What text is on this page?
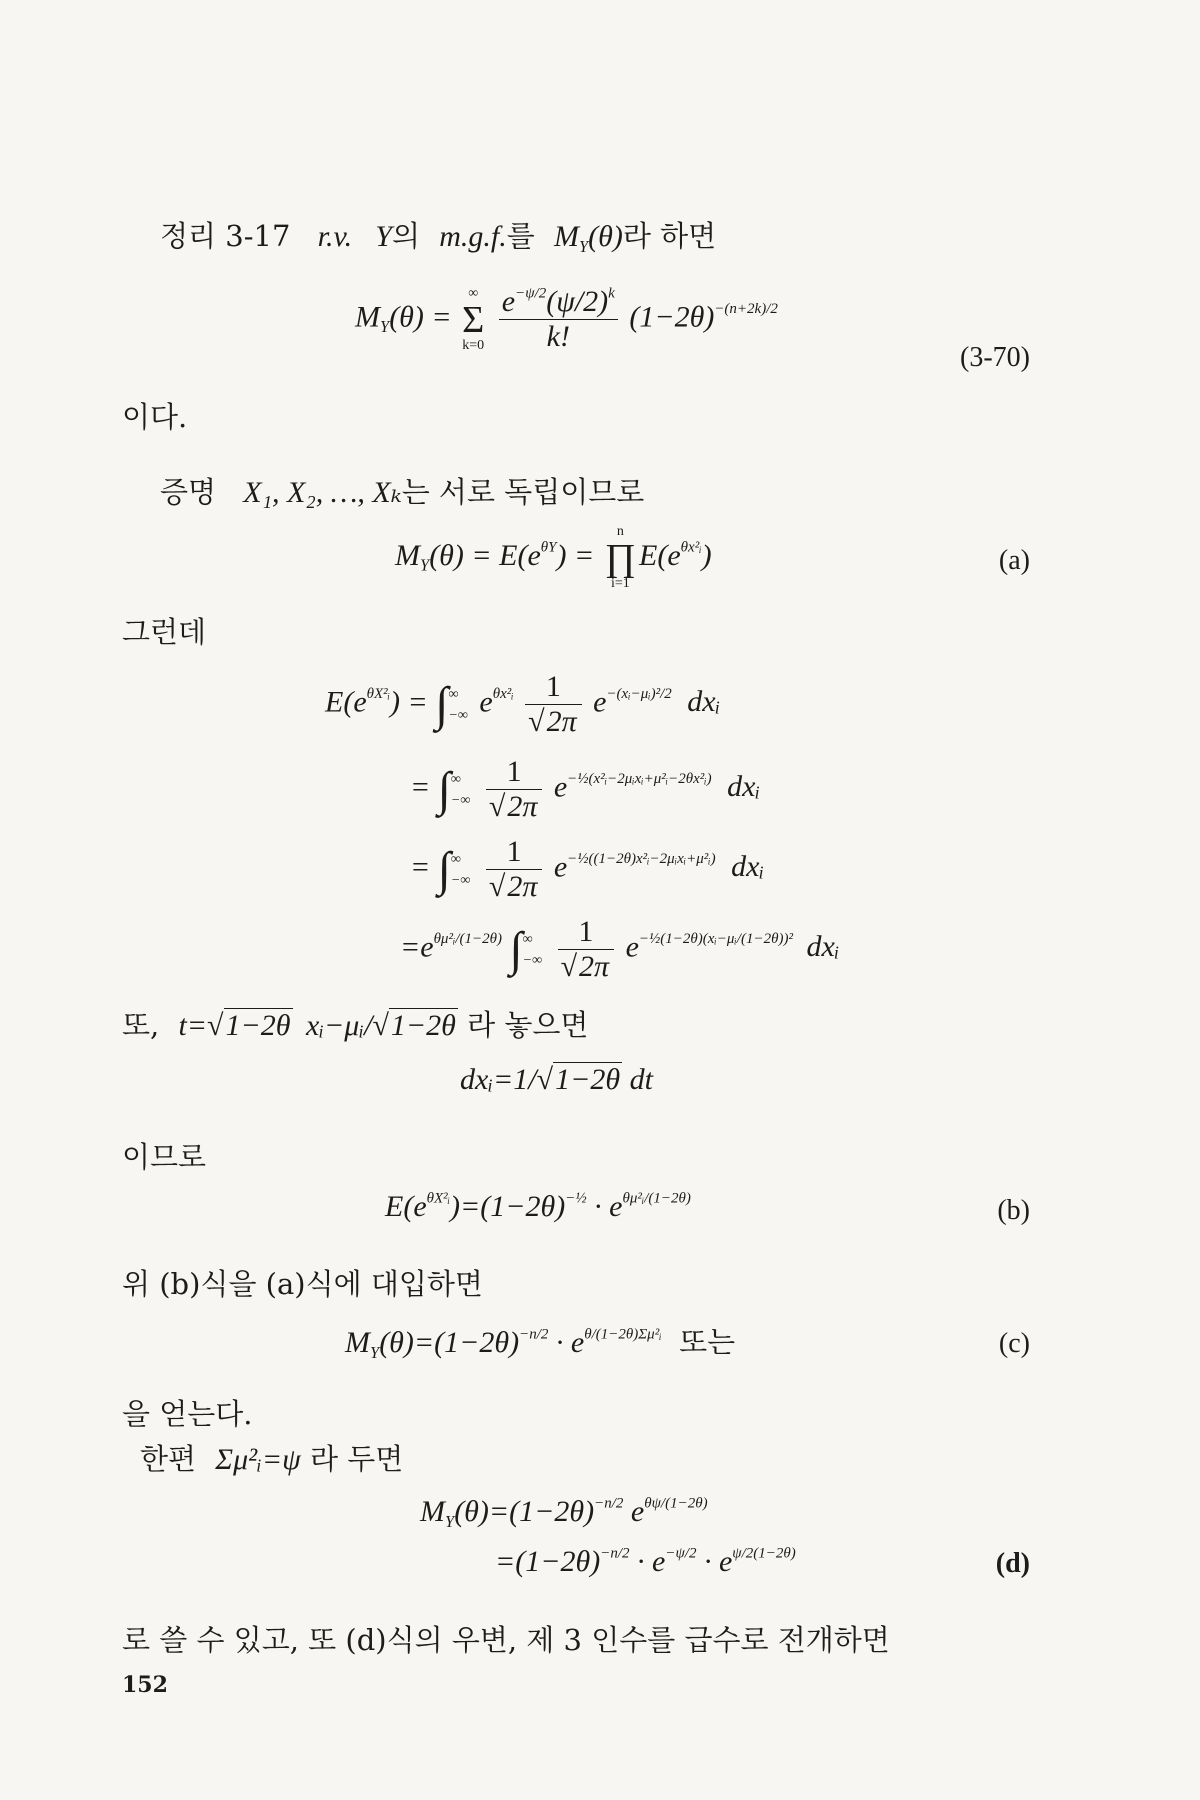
정리 3-17 r.v. Y의 m.g.f.를 $M_Y(\theta)$라 하면
$M_Y(\theta)$ =
∞
Σ
k=0
$\frac{e^{-\psi/2}(\psi/2)^k}{k!} (1-2\theta)^{-(n+2k)/2}$
(3-70)
이다.
증명 X₁, X₂, …, Xₖ는 서로 독립이므로
$M_Y(\theta) = E(e^{\theta Y})$ =
n
∏
i=1
$E(e^{\theta x^2ᵢ})$	(a)
그런데
$E(e^{\theta X^2ᵢ})$ = ∫ ∞
−∞ $e^{\theta x^2ᵢ} \frac{1}{√2\pi} e^{-(xᵢ-\mu ᵢ)^2/2}$ dxᵢ
= ∫ ∞
−∞
$\frac{1}{√2\pi} e^{-\frac{1}{2}(x^2ᵢ-2\mu ᵢxᵢ+\mu^2ᵢ-2\theta x^2ᵢ)}$ dxᵢ
= ∫ ∞
−∞
$\frac{1}{√2\pi} e^{-\frac{1}{2}((1-2\theta)x^2ᵢ-2\mu ᵢxᵢ+\mu^2ᵢ)}$ dxᵢ
$=e^{\theta\mu^2ᵢ/(1-2\theta)}$ ∫ ∞
−∞
$\frac{1}{√2\pi} e^{-\frac{1}{2}(1-2\theta)(xᵢ-\mu ᵢ/(1-2\theta))^2}$ dxᵢ
또, t=√1−2θ xᵢ−μᵢ/√1−2θ 라 놓으면
dxᵢ=1/√1−2θ dt
이므로
$E(e^{\theta X^2ᵢ})=(1-2\theta)^{-\frac{1}{2}} \cdot e^{\theta\mu^2ᵢ/(1-2\theta)}$	(b)
위 (b)식을 (a)식에 대입하면
$M_Y(\theta)=(1-2\theta)^{-n/2} \cdot e^{\theta/(1-2\theta)\Sigma\mu^2ᵢ}$ 또는	(c)
을 얻는다.
한편 Σμ²ᵢ=ψ 라 두면
$M_Y(\theta)=(1-2\theta)^{-n/2}$ $e^{\theta\psi/(1-2\theta)}$
$=(1-2\theta)^{-n/2} \cdot e^{-\psi/2} \cdot e^{\psi/2(1-2\theta)}$	(d)
로 쓸 수 있고, 또 (d)식의 우변, 제 3 인수를 급수로 전개하면
152
